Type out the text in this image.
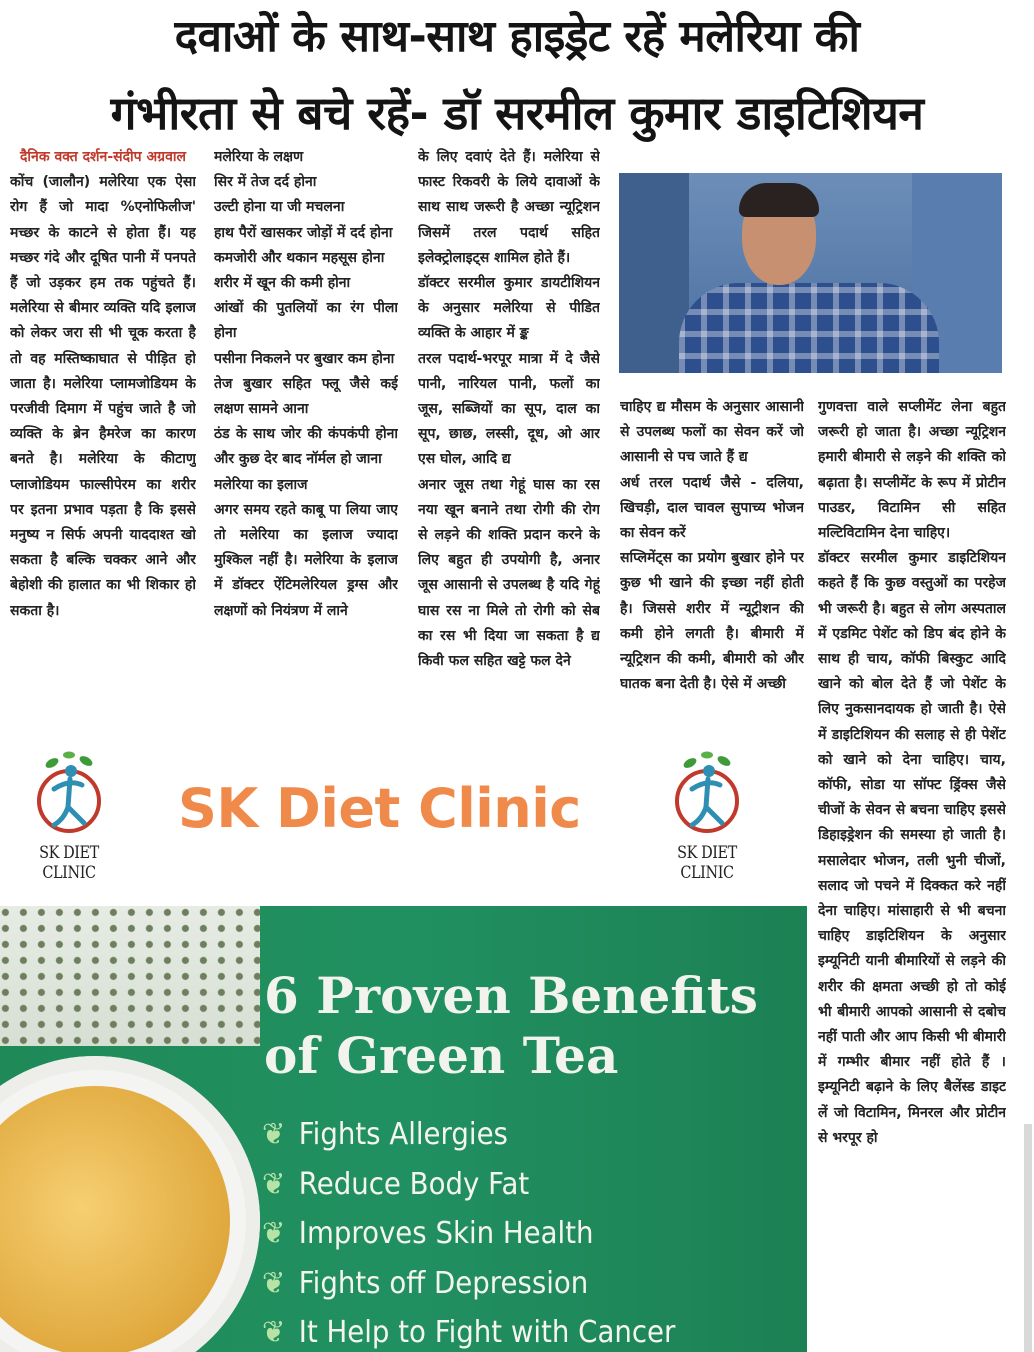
दवाओं के साथ-साथ हाइड्रेट रहें मलेरिया की
गंभीरता से बचे रहें- डॉ सरमील कुमार डाइटिशियन

दैनिक वक्त दर्शन-संदीप अग्रवाल

कोंच (जालौन) मलेरिया एक ऐसा रोग हैं जो मादा %एनोफिलीज' मच्छर के काटने से होता हैं। यह मच्छर गंदे और दूषित पानी में पनपते हैं जो उड़कर हम तक पहुंचते हैं। मलेरिया से बीमार व्यक्ति यदि इलाज को लेकर जरा सी भी चूक करता है तो वह मस्तिष्काघात से पीड़ित हो जाता है। मलेरिया प्लामजोडियम के परजीवी दिमाग में पहुंच जाते है जो व्यक्ति के ब्रेन हैमरेज का कारण बनते है। मलेरिया के कीटाणु प्लाजोडियम फाल्सीपेरम का शरीर पर इतना प्रभाव पड़ता है कि इससे मनुष्य न सिर्फ अपनी याददाश्त खो सकता है बल्कि चक्कर आने और बेहोशी की हालात का भी शिकार हो सकता है।

मलेरिया के लक्षण

सिर में तेज दर्द होना

उल्टी होना या जी मचलना

हाथ पैरों खासकर जोड़ों में दर्द होना

कमजोरी और थकान महसूस होना

शरीर में खून की कमी होना

आंखों की पुतलियों का रंग पीला होना

पसीना निकलने पर बुखार कम होना

तेज बुखार सहित फ्लू जैसे कई लक्षण सामने आना

ठंड के साथ जोर की कंपकंपी होना और कुछ देर बाद नॉर्मल हो जाना

मलेरिया का इलाज

अगर समय रहते काबू पा लिया जाए तो मलेरिया का इलाज ज्यादा मुश्किल नहीं है। मलेरिया के इलाज में डॉक्टर ऐंटिमलेरियल ड्रग्स और लक्षणों को नियंत्रण में लाने

के लिए दवाएं देते हैं। मलेरिया से फास्ट रिकवरी के लिये दावाओं के साथ साथ जरूरी है अच्छा न्यूट्रिशन जिसमें तरल पदार्थ सहित इलेक्ट्रोलाइट्स शामिल होते हैं।

डॉक्टर सरमील कुमार डायटीशियन के अनुसार मलेरिया से पीडित व्यक्ति के आहार में ङ्क

तरल पदार्थ-भरपूर मात्रा में दे जैसे पानी, नारियल पानी, फलों का जूस, सब्जियों का सूप, दाल का सूप, छाछ, लस्सी, दूध, ओ आर एस घोल, आदि द्य

अनार जूस तथा गेहूं घास का रस नया खून बनाने तथा रोगी की रोग से लड़ने की शक्ति प्रदान करने के लिए बहुत ही उपयोगी है, अनार जूस आसानी से उपलब्ध है यदि गेहूं घास रस ना मिले तो रोगी को सेब का रस भी दिया जा सकता है द्य किवी फल सहित खट्टे फल देने

चाहिए द्य मौसम के अनुसार आसानी से उपलब्ध फलों का सेवन करें जो आसानी से पच जाते हैं द्य

अर्ध तरल पदार्थ जैसे - दलिया, खिचड़ी, दाल चावल सुपाच्य भोजन का सेवन करें

सप्लिमेंट्स का प्रयोग बुखार होने पर कुछ भी खाने की इच्छा नहीं होती है। जिससे शरीर में न्यूट्रीशन की कमी होने लगती है। बीमारी में न्यूट्रिशन की कमी, बीमारी को और घातक बना देती है। ऐसे में अच्छी

गुणवत्ता वाले सप्लीमेंट लेना बहुत जरूरी हो जाता है। अच्छा न्यूट्रिशन हमारी बीमारी से लड़ने की शक्ति को बढ़ाता है। सप्लीमेंट के रूप में प्रोटीन पाउडर, विटामिन सी सहित मल्टिविटामिन देना चाहिए।

डॉक्टर सरमील कुमार डाइटिशियन कहते हैं कि कुछ वस्तुओं का परहेज भी जरूरी है। बहुत से लोग अस्पताल में एडमिट पेशेंट को डिप बंद होने के साथ ही चाय, कॉफी बिस्कुट आदि खाने को बोल देते हैं जो पेशेंट के लिए नुकसानदायक हो जाती है। ऐसे में डाइटिशियन की सलाह से ही पेशेंट को खाने को देना चाहिए। चाय, कॉफी, सोडा या सॉफ्ट ड्रिंक्स जैसे चीजों के सेवन से बचना चाहिए इससे डिहाइड्रेशन की समस्या हो जाती है। मसालेदार भोजन, तली भुनी चीजों, सलाद जो पचने में दिक्कत करे नहीं देना चाहिए। मांसाहारी से भी बचना चाहिए डाइटिशियन के अनुसार इम्यूनिटी यानी बीमारियों से लड़ने की शरीर की क्षमता अच्छी हो तो कोई भी बीमारी आपको आसानी से दबोच नहीं पाती और आप किसी भी बीमारी में गम्भीर बीमार नहीं होते हैं । इम्यूनिटी बढ़ाने के लिए बैलेंस्ड डाइट लें जो विटामिन, मिनरल और प्रोटीन से भरपूर हो

SK DIET CLINIC
SK Diet Clinic
SK DIET CLINIC
6 Proven Benefits
of Green Tea
❦ Fights Allergies
❦ Reduce Body Fat
❦ Improves Skin Health
❦ Fights off Depression
❦ It Help to Fight with Cancer
